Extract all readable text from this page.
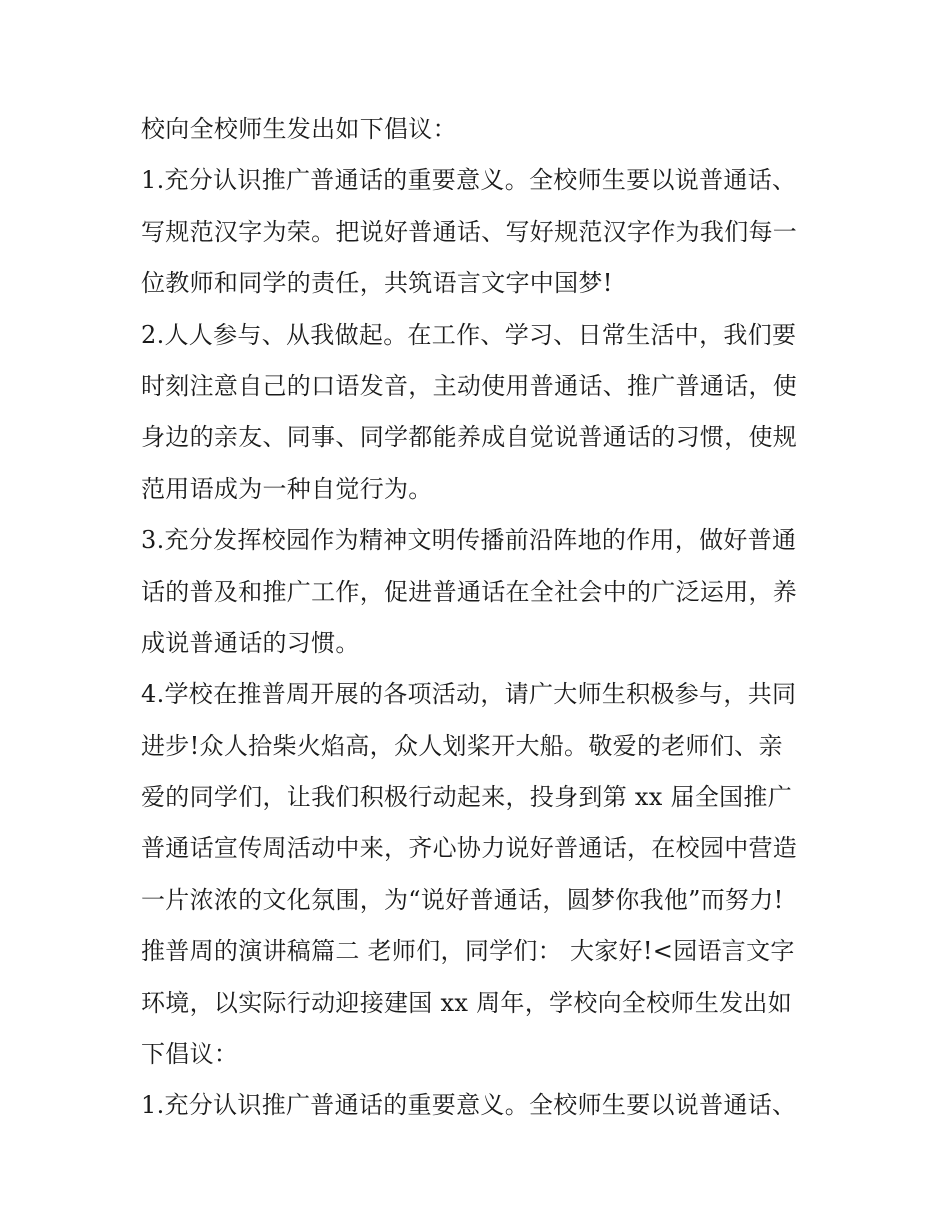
校向全校师生发出如下倡议：
1.充分认识推广普通话的重要意义。全校师生要以说普通话、
写规范汉字为荣。把说好普通话、写好规范汉字作为我们每一
位教师和同学的责任，共筑语言文字中国梦!
2.人人参与、从我做起。在工作、学习、日常生活中，我们要
时刻注意自己的口语发音，主动使用普通话、推广普通话，使
身边的亲友、同事、同学都能养成自觉说普通话的习惯，使规
范用语成为一种自觉行为。
3.充分发挥校园作为精神文明传播前沿阵地的作用，做好普通
话的普及和推广工作，促进普通话在全社会中的广泛运用，养
成说普通话的习惯。
4.学校在推普周开展的各项活动，请广大师生积极参与，共同
进步!众人拾柴火焰高，众人划桨开大船。敬爱的老师们、亲
爱的同学们，让我们积极行动起来，投身到第 xx 届全国推广
普通话宣传周活动中来，齐心协力说好普通话，在校园中营造
一片浓浓的文化氛围，为“说好普通话，圆梦你我他”而努力!
推普周的演讲稿篇二 老师们，同学们： 大家好!<园语言文字
环境，以实际行动迎接建国 xx 周年，学校向全校师生发出如
下倡议：
1.充分认识推广普通话的重要意义。全校师生要以说普通话、
